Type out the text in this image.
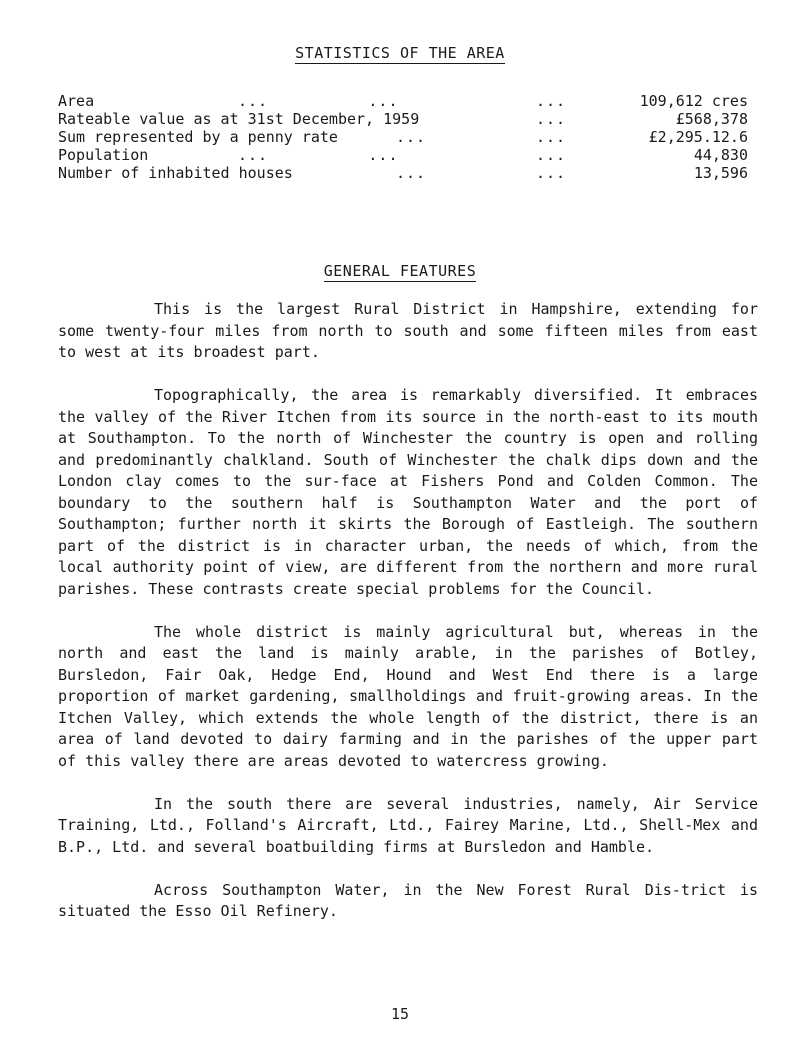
STATISTICS OF THE AREA
Area	...          ...	...	109,612 cres
Rateable value as at 31st December, 1959	...	£568,378
Sum represented by a penny rate	...	...	£2,295.12.6
Population	...          ...	...	44,830
Number of inhabited houses	...	...	13,596
GENERAL FEATURES

This is the largest Rural District in Hampshire, extending for some twenty-four miles from north to south and some fifteen miles from east to west at its broadest part.

Topographically, the area is remarkably diversified. It embraces the valley of the River Itchen from its source in the north-east to its mouth at Southampton. To the north of Winchester the country is open and rolling and predominantly chalkland. South of Winchester the chalk dips down and the London clay comes to the sur-face at Fishers Pond and Colden Common. The boundary to the southern half is Southampton Water and the port of Southampton; further north it skirts the Borough of Eastleigh. The southern part of the district is in character urban, the needs of which, from the local authority point of view, are different from the northern and more rural parishes. These contrasts create special problems for the Council.

The whole district is mainly agricultural but, whereas in the north and east the land is mainly arable, in the parishes of Botley, Bursledon, Fair Oak, Hedge End, Hound and West End there is a large proportion of market gardening, smallholdings and fruit-growing areas. In the Itchen Valley, which extends the whole length of the district, there is an area of land devoted to dairy farming and in the parishes of the upper part of this valley there are areas devoted to watercress growing.

In the south there are several industries, namely, Air Service Training, Ltd., Folland's Aircraft, Ltd., Fairey Marine, Ltd., Shell-Mex and B.P., Ltd. and several boatbuilding firms at Bursledon and Hamble.

Across Southampton Water, in the New Forest Rural Dis-trict is situated the Esso Oil Refinery.

15
